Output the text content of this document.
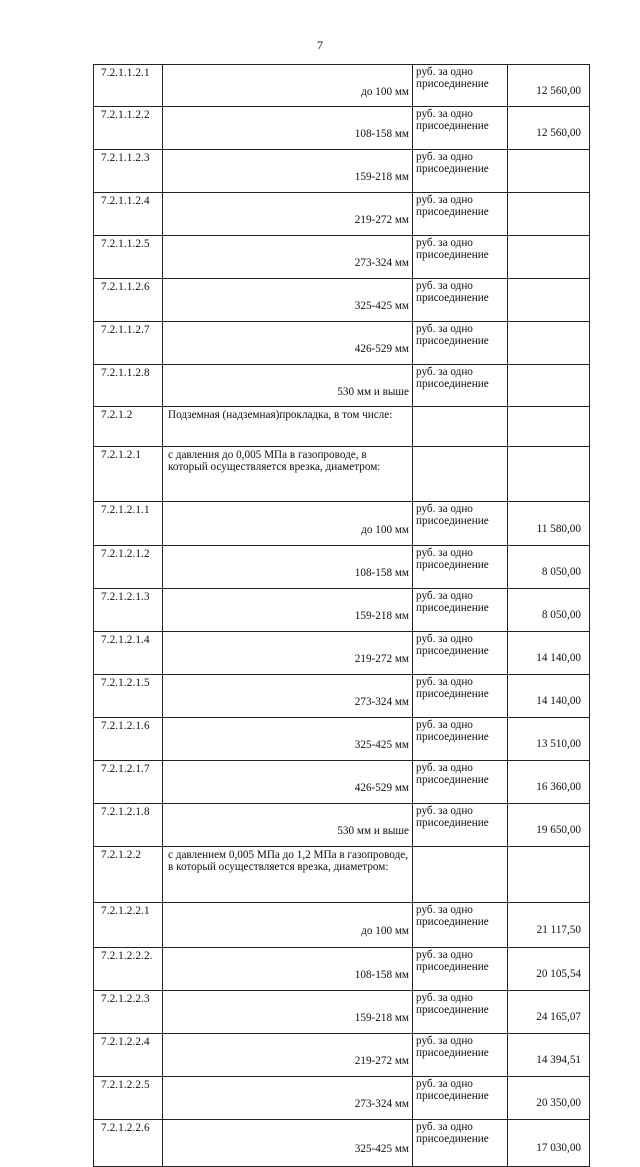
7
7.2.1.1.2.1	до 100 мм	руб. за одно присоединение	12 560,00
7.2.1.1.2.2	108-158 мм	руб. за одно присоединение	12 560,00
7.2.1.1.2.3	159-218 мм	руб. за одно присоединение	
7.2.1.1.2.4	219-272 мм	руб. за одно присоединение	
7.2.1.1.2.5	273-324 мм	руб. за одно присоединение	
7.2.1.1.2.6	325-425 мм	руб. за одно присоединение	
7.2.1.1.2.7	426-529 мм	руб. за одно присоединение	
7.2.1.1.2.8	530 мм и выше	руб. за одно присоединение	
7.2.1.2	Подземная (надземная)прокладка, в том числе:		
7.2.1.2.1	с давления до 0,005 МПа в газопроводе, в который осуществляется врезка, диаметром:		
7.2.1.2.1.1	до 100 мм	руб. за одно присоединение	11 580,00
7.2.1.2.1.2	108-158 мм	руб. за одно присоединение	8 050,00
7.2.1.2.1.3	159-218 мм	руб. за одно присоединение	8 050,00
7.2.1.2.1.4	219-272 мм	руб. за одно присоединение	14 140,00
7.2.1.2.1.5	273-324 мм	руб. за одно присоединение	14 140,00
7.2.1.2.1.6	325-425 мм	руб. за одно присоединение	13 510,00
7.2.1.2.1.7	426-529 мм	руб. за одно присоединение	16 360,00
7.2.1.2.1.8	530 мм и выше	руб. за одно присоединение	19 650,00
7.2.1.2.2	с давлением 0,005 МПа до 1,2 МПа в газопроводе, в который осуществляется врезка, диаметром:		
7.2.1.2.2.1	до 100 мм	руб. за одно присоединение	21 117,50
7.2.1.2.2.2.	108-158 мм	руб. за одно присоединение	20 105,54
7.2.1.2.2.3	159-218 мм	руб. за одно присоединение	24 165,07
7.2.1.2.2.4	219-272 мм	руб. за одно присоединение	14 394,51
7.2.1.2.2.5	273-324 мм	руб. за одно присоединение	20 350,00
7.2.1.2.2.6	325-425 мм	руб. за одно присоединение	17 030,00
